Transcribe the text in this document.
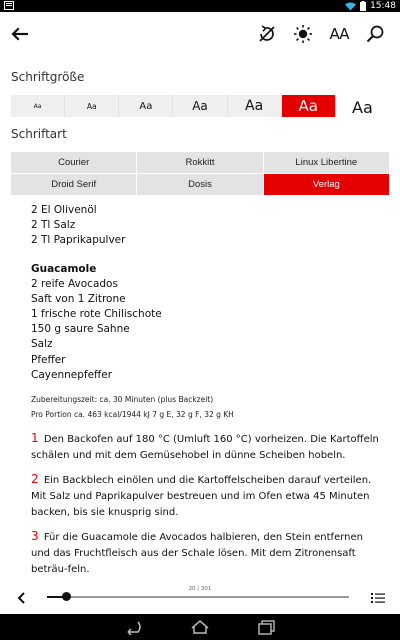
15:48
AA
Schriftgröße
Aa	Aa	Aa	Aa	Aa	Aa	Aa
Schriftart
Courier	Rokkitt	Linux Libertine
Droid Serif	Dosis	Verlag
2 El Olivenöl
2 Tl Salz
2 Tl Paprikapulver
Guacamole
2 reife Avocados
Saft von 1 Zitrone
1 frische rote Chilischote
150 g saure Sahne
Salz
Pfeffer
Cayennepfeffer
Zubereitungszeit: ca. 30 Minuten (plus Backzeit)
Pro Portion ca. 463 kcal/1944 kJ 7 g E, 32 g F, 32 g KH
1 Den Backofen auf 180 °C (Umluft 160 °C) vorheizen. Die Kartoffeln schälen und mit dem Gemüsehobel in dünne Scheiben hobeln.
2 Ein Backblech einölen und die Kartoffelscheiben darauf verteilen. Mit Salz und Paprikapulver bestreuen und im Ofen etwa 45 Minuten backen, bis sie knusprig sind.
3 Für die Guacamole die Avocados halbieren, den Stein entfernen und das Fruchtfleisch aus der Schale lösen. Mit dem Zitronensaft beträu-feln.
20 / 301
